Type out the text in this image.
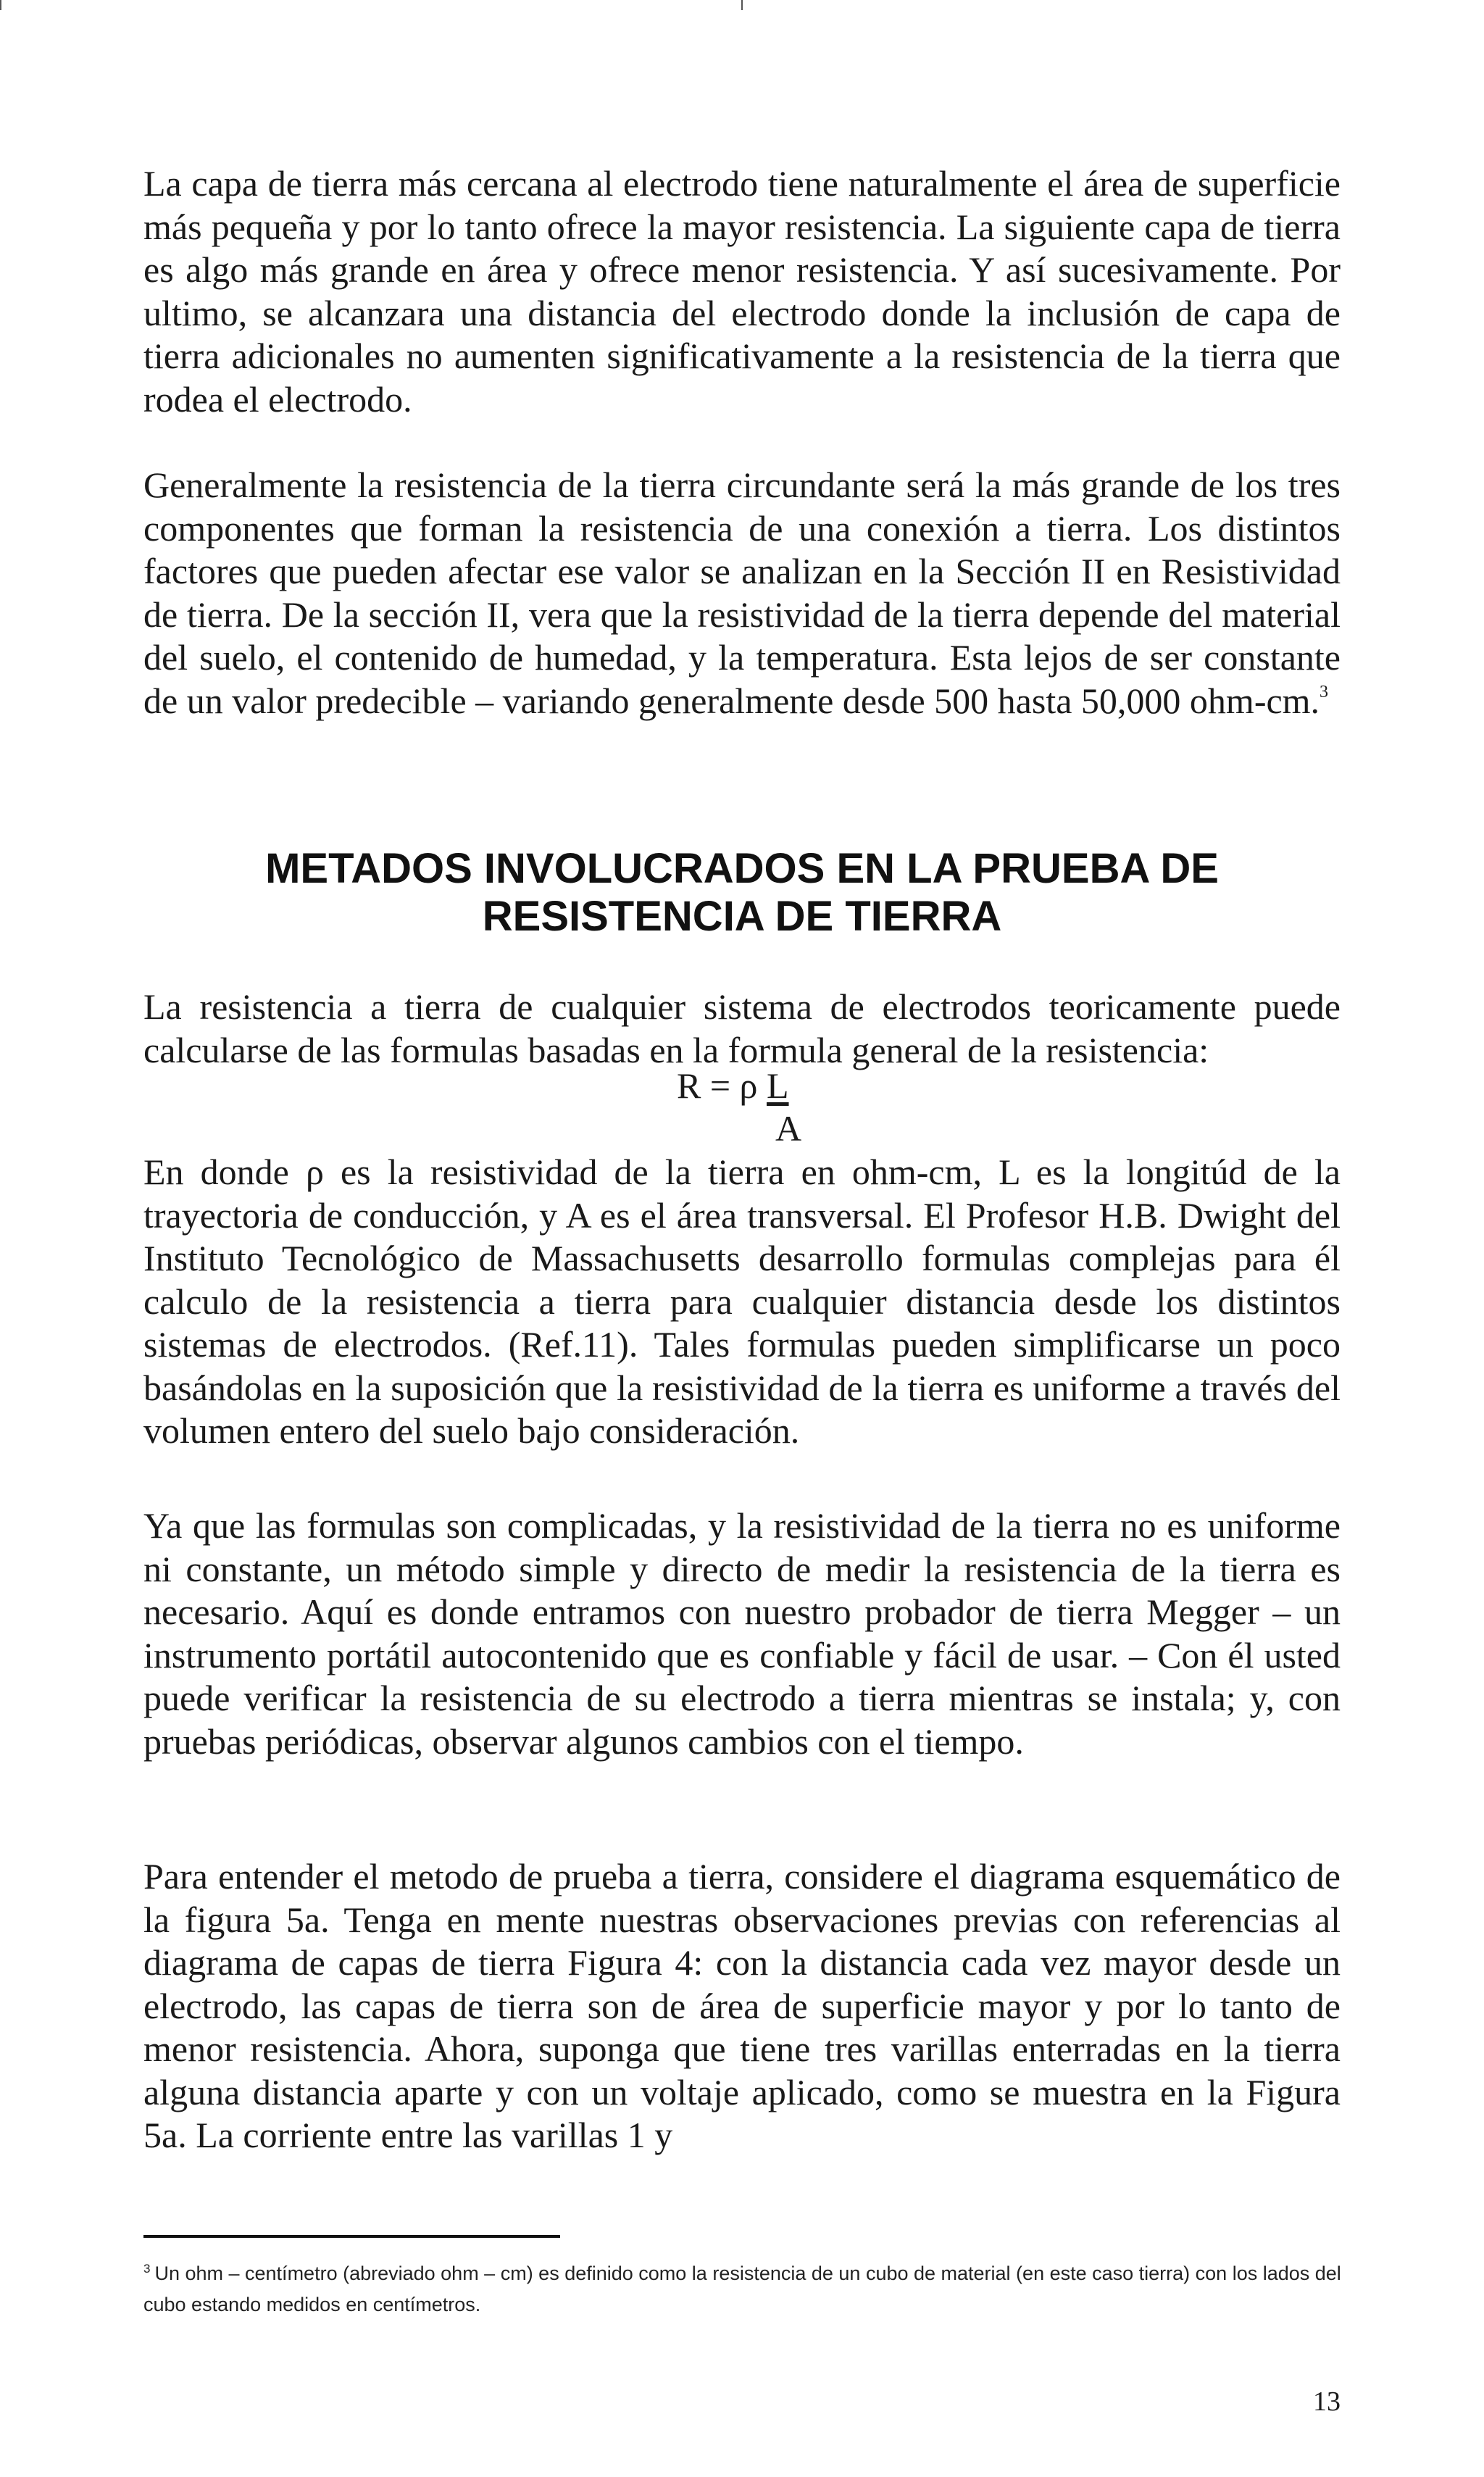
La capa de tierra más cercana al electrodo tiene naturalmente el área de superficie más pequeña y por lo tanto ofrece la mayor resistencia. La siguiente capa de tierra es algo más grande en área y ofrece menor resistencia. Y así sucesivamente. Por ultimo, se alcanzara una distancia del electrodo donde la inclusión de capa de tierra adicionales no aumenten significativamente a la resistencia de la tierra que rodea el electrodo.

Generalmente la resistencia de la tierra circundante será la más grande de los tres componentes que forman la resistencia de una conexión a tierra. Los distintos factores que pueden afectar ese valor se analizan en la Sección II en Resistividad de tierra. De la sección II, vera que la resistividad de la tierra depende del material del suelo, el contenido de humedad, y la temperatura. Esta lejos de ser constante de un valor predecible – variando generalmente desde 500 hasta 50,000 ohm-cm.$^3$

METADOS INVOLUCRADOS EN LA PRUEBA DE
RESISTENCIA DE TIERRA

La resistencia a tierra de cualquier sistema de electrodos teoricamente puede calcularse de las formulas basadas en la formula general de la resistencia:

R = ρ L
A

En donde ρ es la resistividad de la tierra en ohm-cm, L es la longitúd de la trayectoria de conducción, y A es el área transversal. El Profesor H.B. Dwight del Instituto Tecnológico de Massachusetts desarrollo formulas complejas para él calculo de la resistencia a tierra para cualquier distancia desde los distintos sistemas de electrodos. (Ref.11). Tales formulas pueden simplificarse un poco basándolas en la suposición que la resistividad de la tierra es uniforme a través del volumen entero del suelo bajo consideración.

Ya que las formulas son complicadas, y la resistividad de la tierra no es uniforme ni constante, un método simple y directo de medir la resistencia de la tierra es necesario. Aquí es donde entramos con nuestro probador de tierra Megger – un instrumento portátil autocontenido que es confiable y fácil de usar. – Con él usted puede verificar la resistencia de su electrodo a tierra mientras se instala; y, con pruebas periódicas, observar algunos cambios con el tiempo.

Para entender el metodo de prueba a tierra, considere el diagrama esquemático de la figura 5a. Tenga en mente nuestras observaciones previas con referencias al diagrama de capas de tierra Figura 4: con la distancia cada vez mayor desde un electrodo, las capas de tierra son de área de superficie mayor y por lo tanto de menor resistencia. Ahora, suponga que tiene tres varillas enterradas en la tierra alguna distancia aparte y con un voltaje aplicado, como se muestra en la Figura 5a. La corriente entre las varillas 1 y

$^3$ Un ohm – centímetro (abreviado ohm – cm) es definido como la resistencia de un cubo de material (en este caso tierra) con los lados del cubo estando medidos en centímetros.

13
